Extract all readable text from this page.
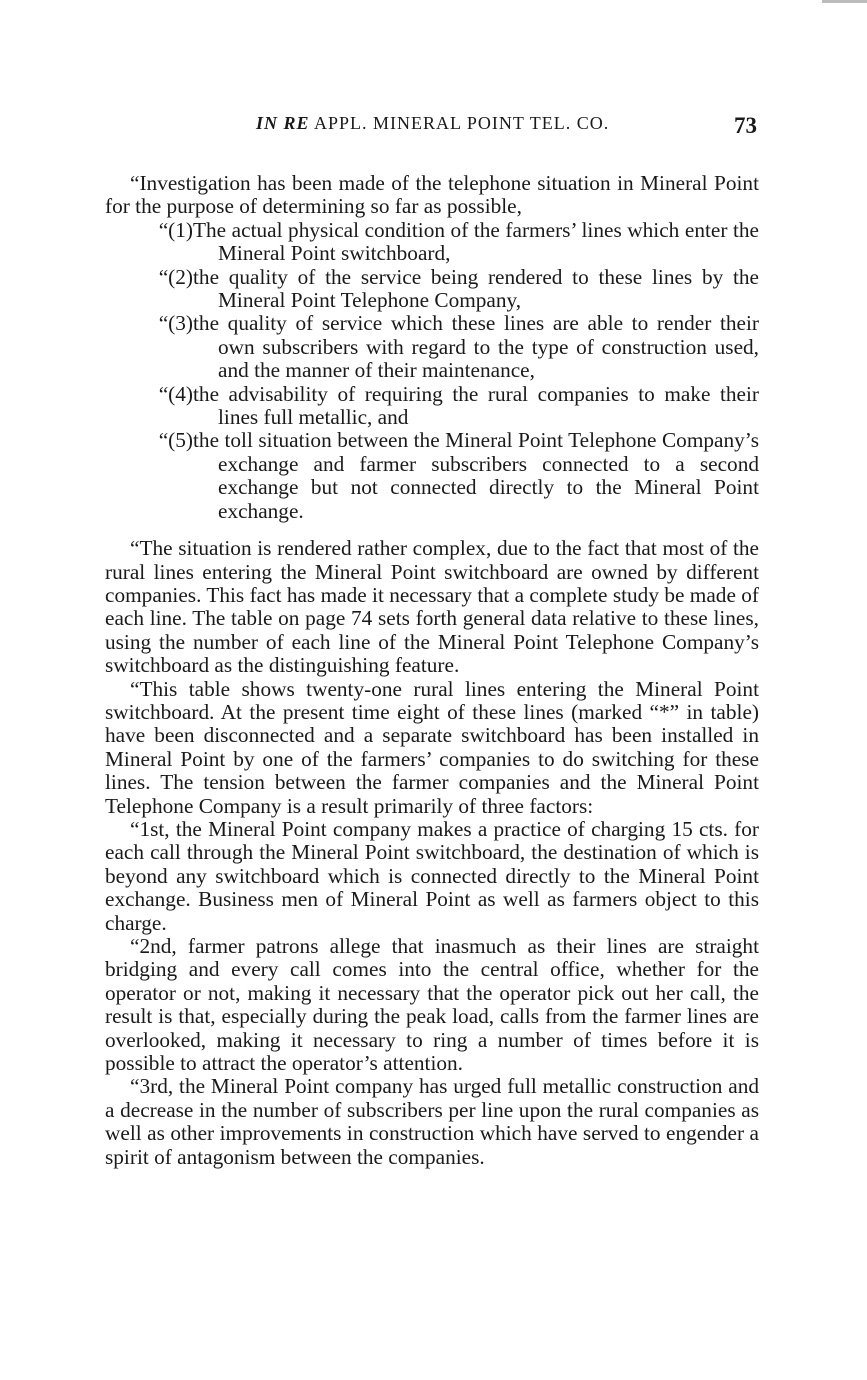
IN RE APPL. MINERAL POINT TEL. CO.	73

“Investigation has been made of the telephone situation in Mineral Point for the purpose of determining so far as possible,

“(1) The actual physical condition of the farmers’ lines which enter the Mineral Point switchboard,
“(2) the quality of the service being rendered to these lines by the Mineral Point Telephone Company,
“(3) the quality of service which these lines are able to render their own subscribers with regard to the type of construction used, and the manner of their maintenance,
“(4) the advisability of requiring the rural companies to make their lines full metallic, and
“(5) the toll situation between the Mineral Point Telephone Company’s exchange and farmer subscribers connected to a second exchange but not connected directly to the Mineral Point exchange.

“The situation is rendered rather complex, due to the fact that most of the rural lines entering the Mineral Point switchboard are owned by different companies. This fact has made it necessary that a complete study be made of each line. The table on page 74 sets forth general data relative to these lines, using the number of each line of the Mineral Point Telephone Company’s switchboard as the distinguishing feature.

“This table shows twenty-one rural lines entering the Mineral Point switchboard. At the present time eight of these lines (marked “*” in table) have been disconnected and a separate switchboard has been installed in Mineral Point by one of the farmers’ companies to do switching for these lines. The tension between the farmer companies and the Mineral Point Telephone Company is a result primarily of three factors:

“1st, the Mineral Point company makes a practice of charging 15 cts. for each call through the Mineral Point switchboard, the destination of which is beyond any switchboard which is connected directly to the Mineral Point exchange. Business men of Mineral Point as well as farmers object to this charge.

“2nd, farmer patrons allege that inasmuch as their lines are straight bridging and every call comes into the central office, whether for the operator or not, making it necessary that the operator pick out her call, the result is that, especially during the peak load, calls from the farmer lines are overlooked, making it necessary to ring a number of times before it is possible to attract the operator’s attention.

“3rd, the Mineral Point company has urged full metallic construction and a decrease in the number of subscribers per line upon the rural companies as well as other improvements in construction which have served to engender a spirit of antagonism between the companies.
